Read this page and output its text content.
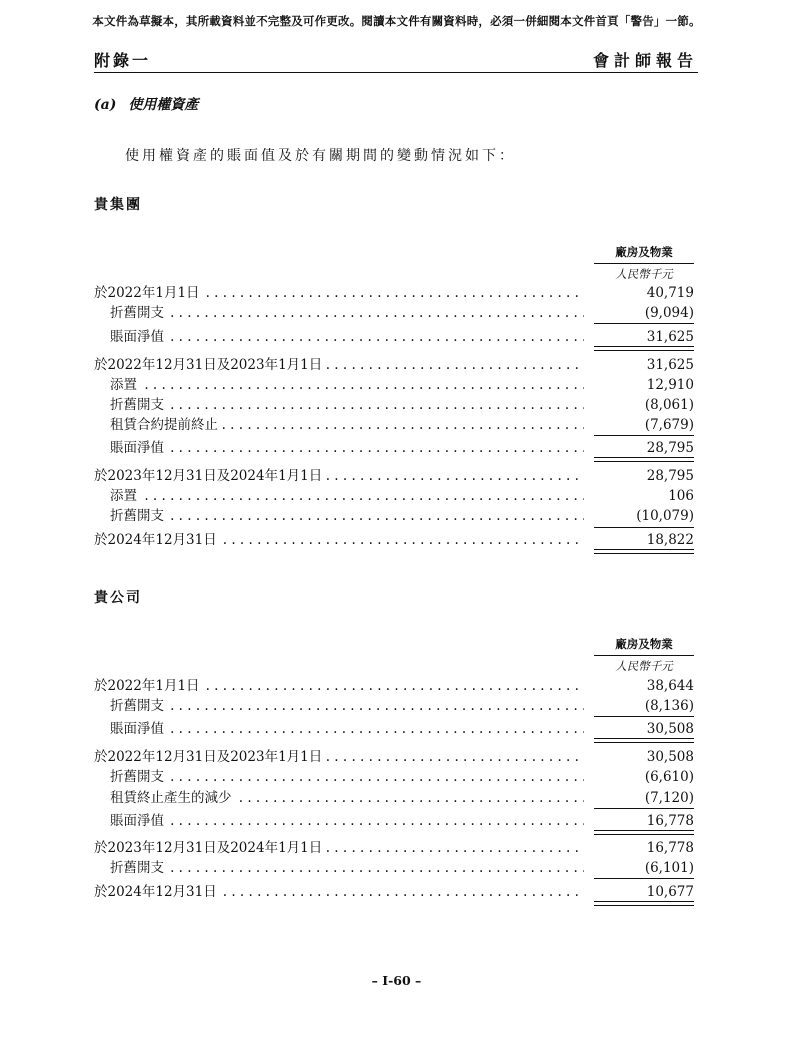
本文件為草擬本，其所載資料並不完整及可作更改。閱讀本文件有關資料時，必須一併細閱本文件首頁「警告」一節。
附錄一	會計師報告
(a) 使用權資產
使用權資產的賬面值及於有關期間的變動情況如下：
貴集團
廠房及物業
人民幣千元
於2022年1月1日 . . .	40,719
折舊開支 . . .	(9,094)
賬面淨值 . . .	31,625
於2022年12月31日及2023年1月1日 . . .	31,625
添置 . . .	12,910
折舊開支 . . .	(8,061)
租賃合約提前終止 . . .	(7,679)
賬面淨值 . . .	28,795
於2023年12月31日及2024年1月1日 . . .	28,795
添置 . . .	106
折舊開支 . . .	(10,079)
於2024年12月31日 . . .	18,822
貴公司
廠房及物業
人民幣千元
於2022年1月1日 . . .	38,644
折舊開支 . . .	(8,136)
賬面淨值 . . .	30,508
於2022年12月31日及2023年1月1日 . . .	30,508
折舊開支 . . .	(6,610)
租賃終止產生的減少 . . .	(7,120)
賬面淨值 . . .	16,778
於2023年12月31日及2024年1月1日 . . .	16,778
折舊開支 . . .	(6,101)
於2024年12月31日 . . .	10,677
– I-60 –
